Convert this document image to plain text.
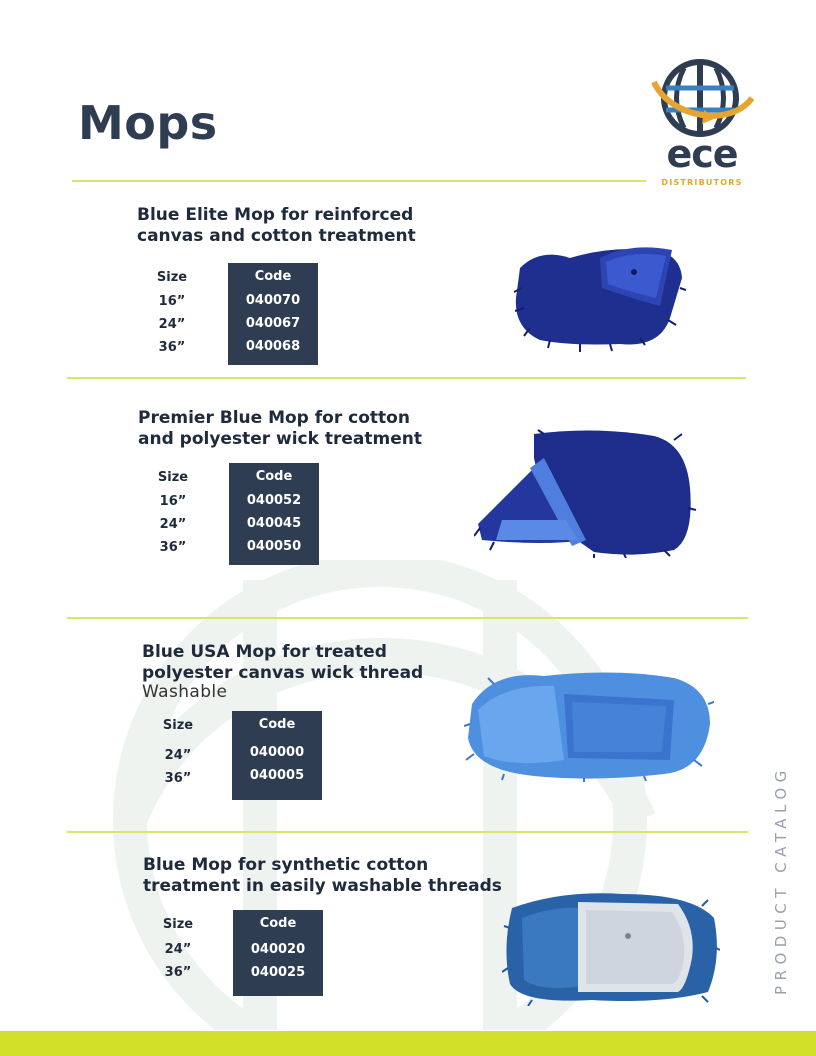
Mops
ece
DISTRIBUTORS
Blue Elite Mop for reinforced
canvas and cotton treatment
Size
16”
24”
36”
Code
040070
040067
040068
Premier Blue Mop for cotton
and polyester wick treatment
Size
16”
24”
36”
Code
040052
040045
040050
Blue USA Mop for treated
polyester canvas wick thread
Washable
Size
24”
36”
Code
040000
040005
Blue Mop for synthetic cotton
treatment in easily washable threads
Size
24”
36”
Code
040020
040025	PRODUCT CATALOG
